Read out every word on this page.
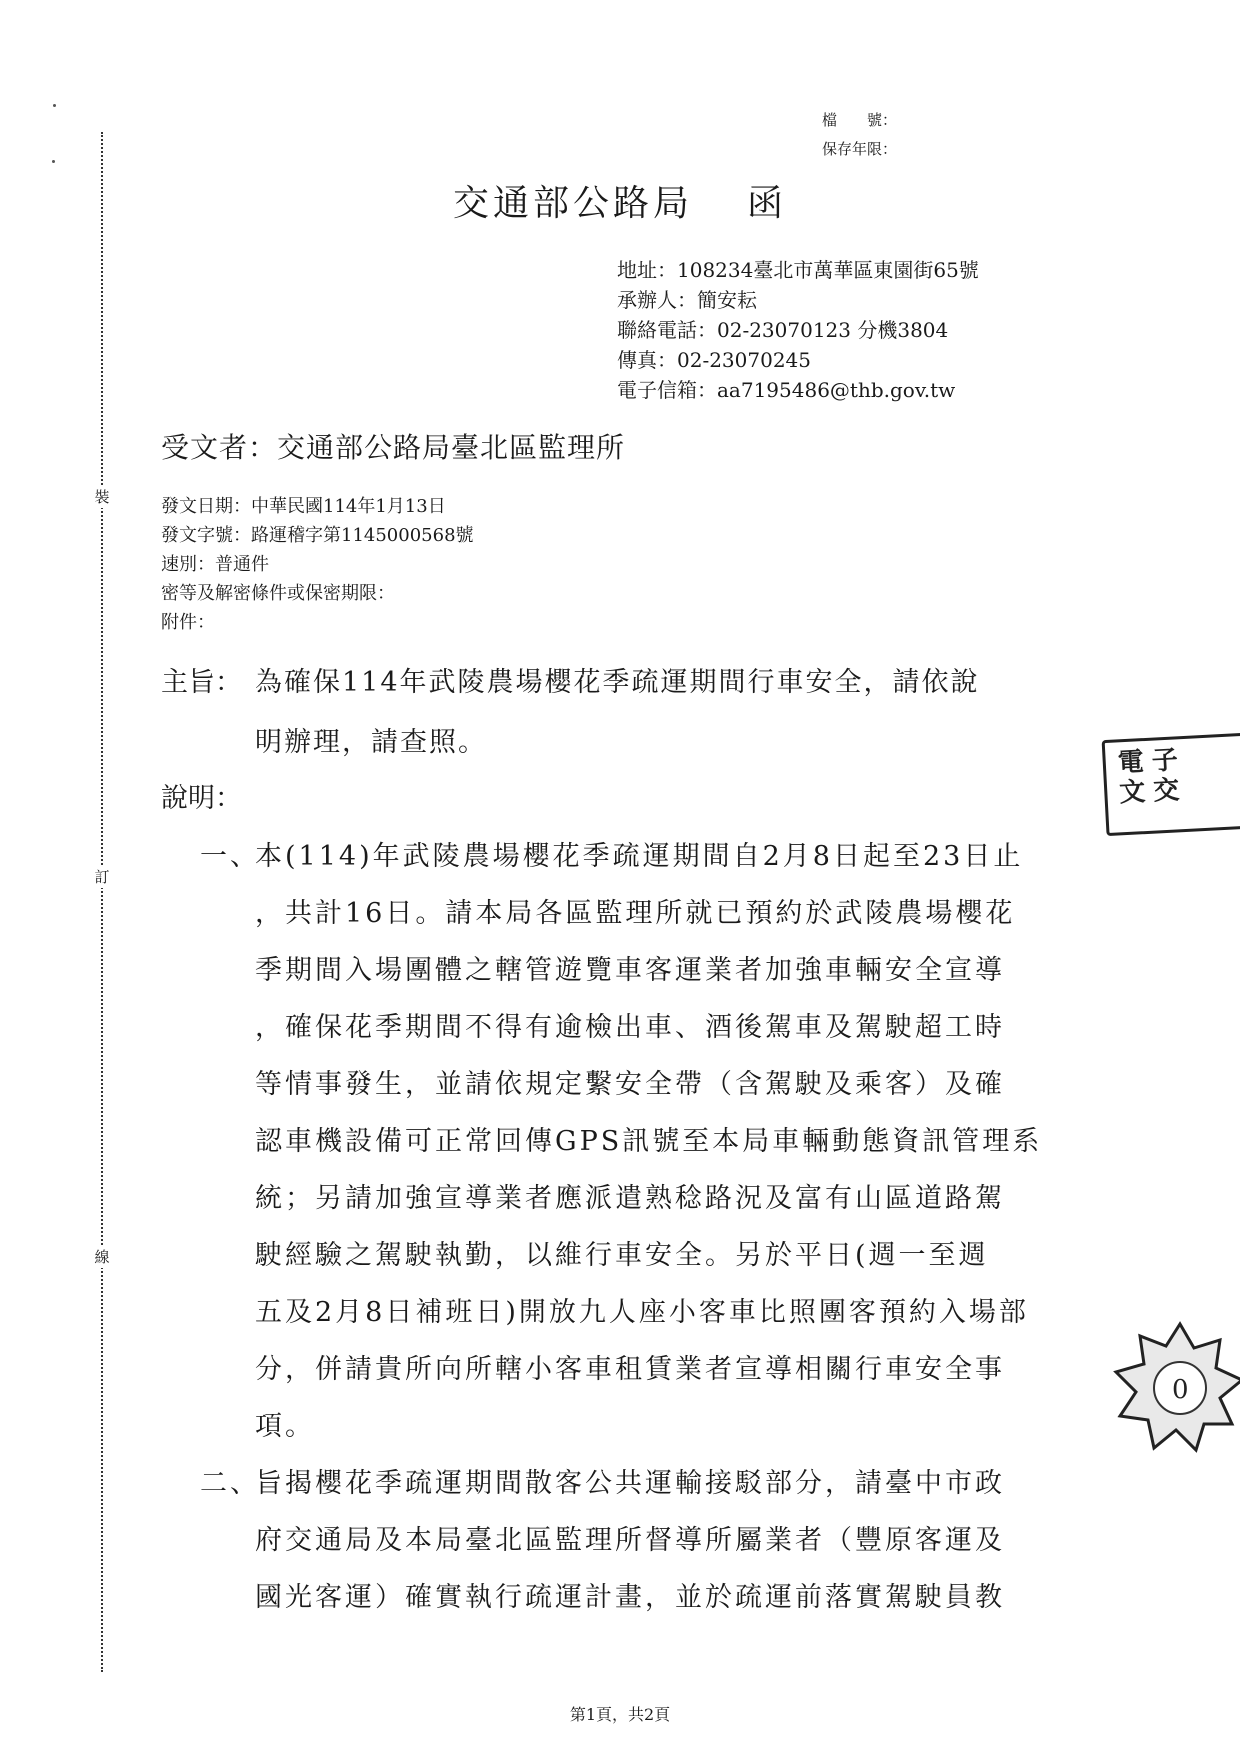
裝
訂
線
檔　　號：
保存年限：
交通部公路局 函
地址：108234臺北市萬華區東園街65號
承辦人：簡安耘
聯絡電話：02-23070123 分機3804
傳真：02-23070245
電子信箱：aa7195486@thb.gov.tw
受文者：交通部公路局臺北區監理所
發文日期：中華民國114年1月13日
發文字號：路運稽字第1145000568號
速別：普通件
密等及解密條件或保密期限：
附件：
主旨： 為確保114年武陵農場櫻花季疏運期間行車安全，請依說
明辦理，請查照。
說明：
一、
本(114)年武陵農場櫻花季疏運期間自2月8日起至23日止
，共計16日。請本局各區監理所就已預約於武陵農場櫻花
季期間入場團體之轄管遊覽車客運業者加強車輛安全宣導
，確保花季期間不得有逾檢出車、酒後駕車及駕駛超工時
等情事發生，並請依規定繫安全帶（含駕駛及乘客）及確
認車機設備可正常回傳GPS訊號至本局車輛動態資訊管理系
統；另請加強宣導業者應派遣熟稔路況及富有山區道路駕
駛經驗之駕駛執勤，以維行車安全。另於平日(週一至週
五及2月8日補班日)開放九人座小客車比照團客預約入場部
分，併請貴所向所轄小客車租賃業者宣導相關行車安全事
項。
二、
旨揭櫻花季疏運期間散客公共運輸接駁部分，請臺中市政
府交通局及本局臺北區監理所督導所屬業者（豐原客運及
國光客運）確實執行疏運計畫，並於疏運前落實駕駛員教
電 子
文 交
0
第1頁，共2頁
